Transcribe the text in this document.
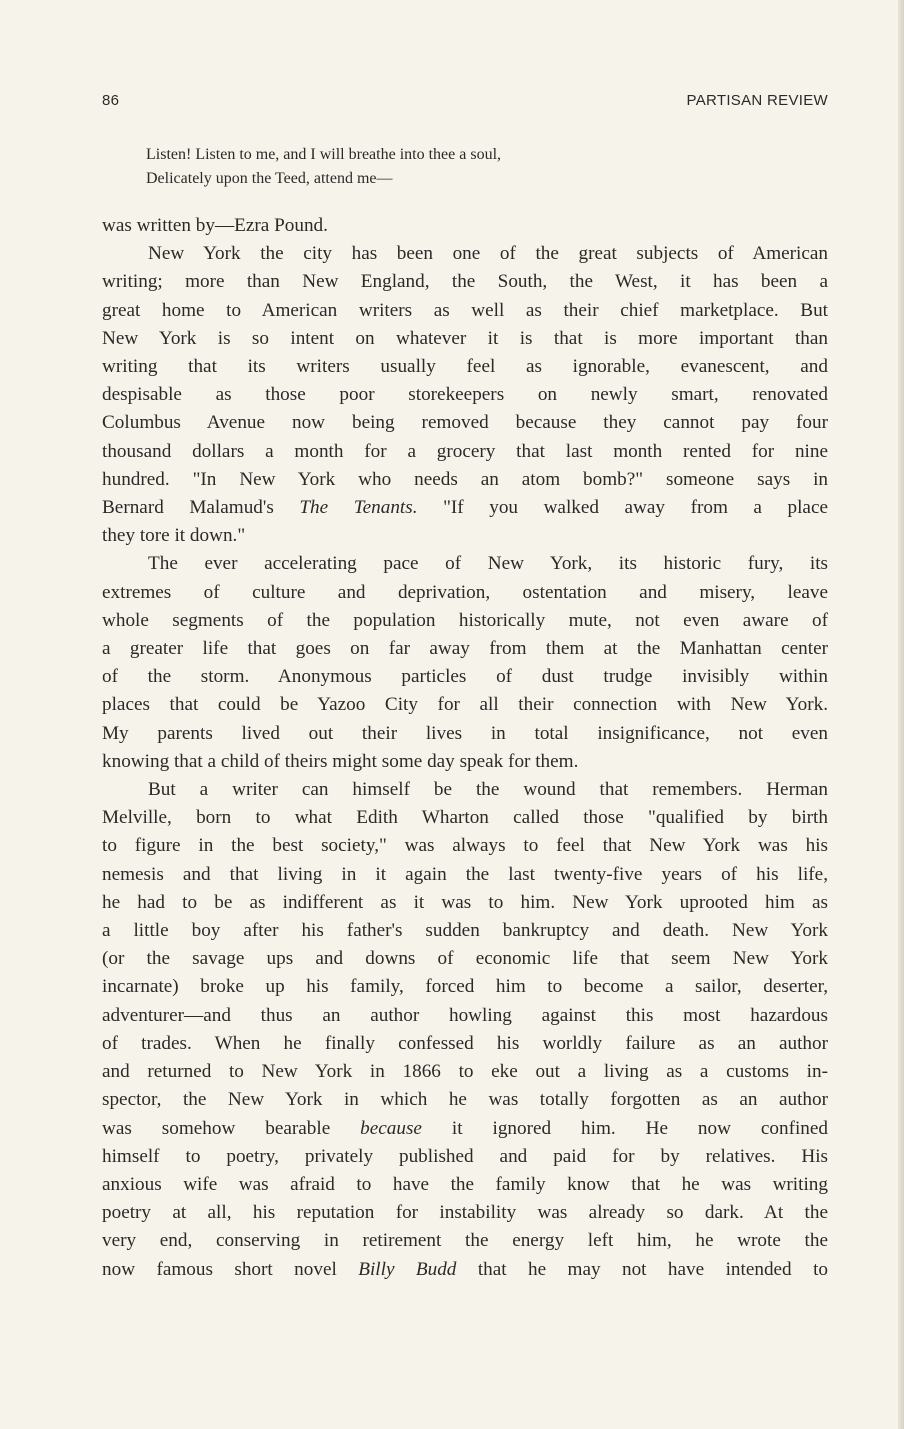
86	PARTISAN REVIEW
Listen! Listen to me, and I will breathe into thee a soul,
Delicately upon the Teed, attend me—
was written by—Ezra Pound.
New York the city has been one of the great subjects of American
writing; more than New England, the South, the West, it has been a
great home to American writers as well as their chief marketplace. But
New York is so intent on whatever it is that is more important than
writing that its writers usually feel as ignorable, evanescent, and
despisable as those poor storekeepers on newly smart, renovated
Columbus Avenue now being removed because they cannot pay four
thousand dollars a month for a grocery that last month rented for nine
hundred. "In New York who needs an atom bomb?" someone says in
Bernard Malamud's The Tenants. "If you walked away from a place
they tore it down."
The ever accelerating pace of New York, its historic fury, its
extremes of culture and deprivation, ostentation and misery, leave
whole segments of the population historically mute, not even aware of
a greater life that goes on far away from them at the Manhattan center
of the storm. Anonymous particles of dust trudge invisibly within
places that could be Yazoo City for all their connection with New York.
My parents lived out their lives in total insignificance, not even
knowing that a child of theirs might some day speak for them.
But a writer can himself be the wound that remembers. Herman
Melville, born to what Edith Wharton called those "qualified by birth
to figure in the best society," was always to feel that New York was his
nemesis and that living in it again the last twenty-five years of his life,
he had to be as indifferent as it was to him. New York uprooted him as
a little boy after his father's sudden bankruptcy and death. New York
(or the savage ups and downs of economic life that seem New York
incarnate) broke up his family, forced him to become a sailor, deserter,
adventurer—and thus an author howling against this most hazardous
of trades. When he finally confessed his worldly failure as an author
and returned to New York in 1866 to eke out a living as a customs in-
spector, the New York in which he was totally forgotten as an author
was somehow bearable because it ignored him. He now confined
himself to poetry, privately published and paid for by relatives. His
anxious wife was afraid to have the family know that he was writing
poetry at all, his reputation for instability was already so dark. At the
very end, conserving in retirement the energy left him, he wrote the
now famous short novel Billy Budd that he may not have intended to
